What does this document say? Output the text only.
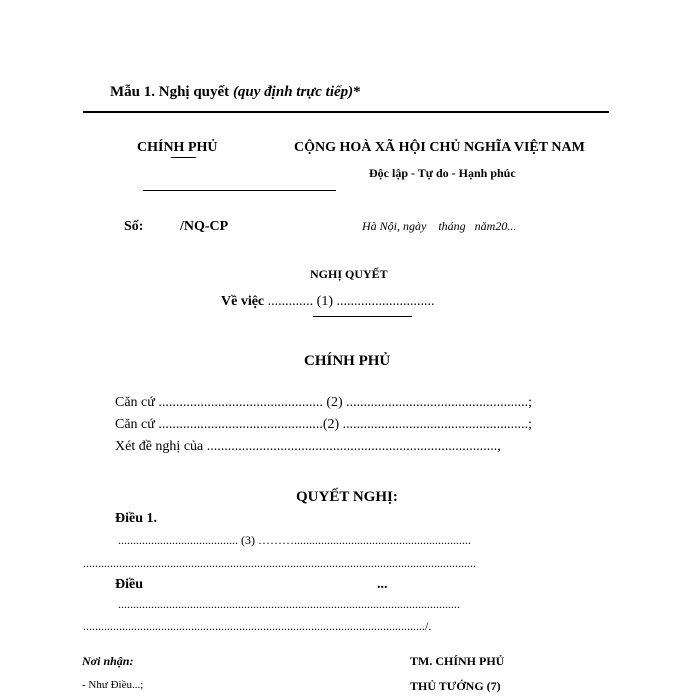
Mẫu 1. Nghị quyết (quy định trực tiếp)*
CHÍNH PHỦ	CỘNG HOÀ XÃ HỘI CHỦ NGHĨA VIỆT NAM
Độc lập - Tự do - Hạnh phúc
Số:	/NQ-CP	Hà Nội, ngày    tháng   năm20...
NGHỊ QUYẾT
Về việc ............. (1) ............................
CHÍNH PHỦ
Căn cứ ............................................... (2) ....................................................;
Căn cứ ...............................................(2) .....................................................;
Xét đề nghị của ...................................................................................,
QUYẾT NGHỊ:
Điều 1.
........................................ (3) ………...........................................................
...................................................................................................................................
Điều	...
..................................................................................................................
................................................................................................................../.
Nơi nhận:
- Như Điều...;
TM. CHÍNH PHỦ
THỦ TƯỚNG (7)
